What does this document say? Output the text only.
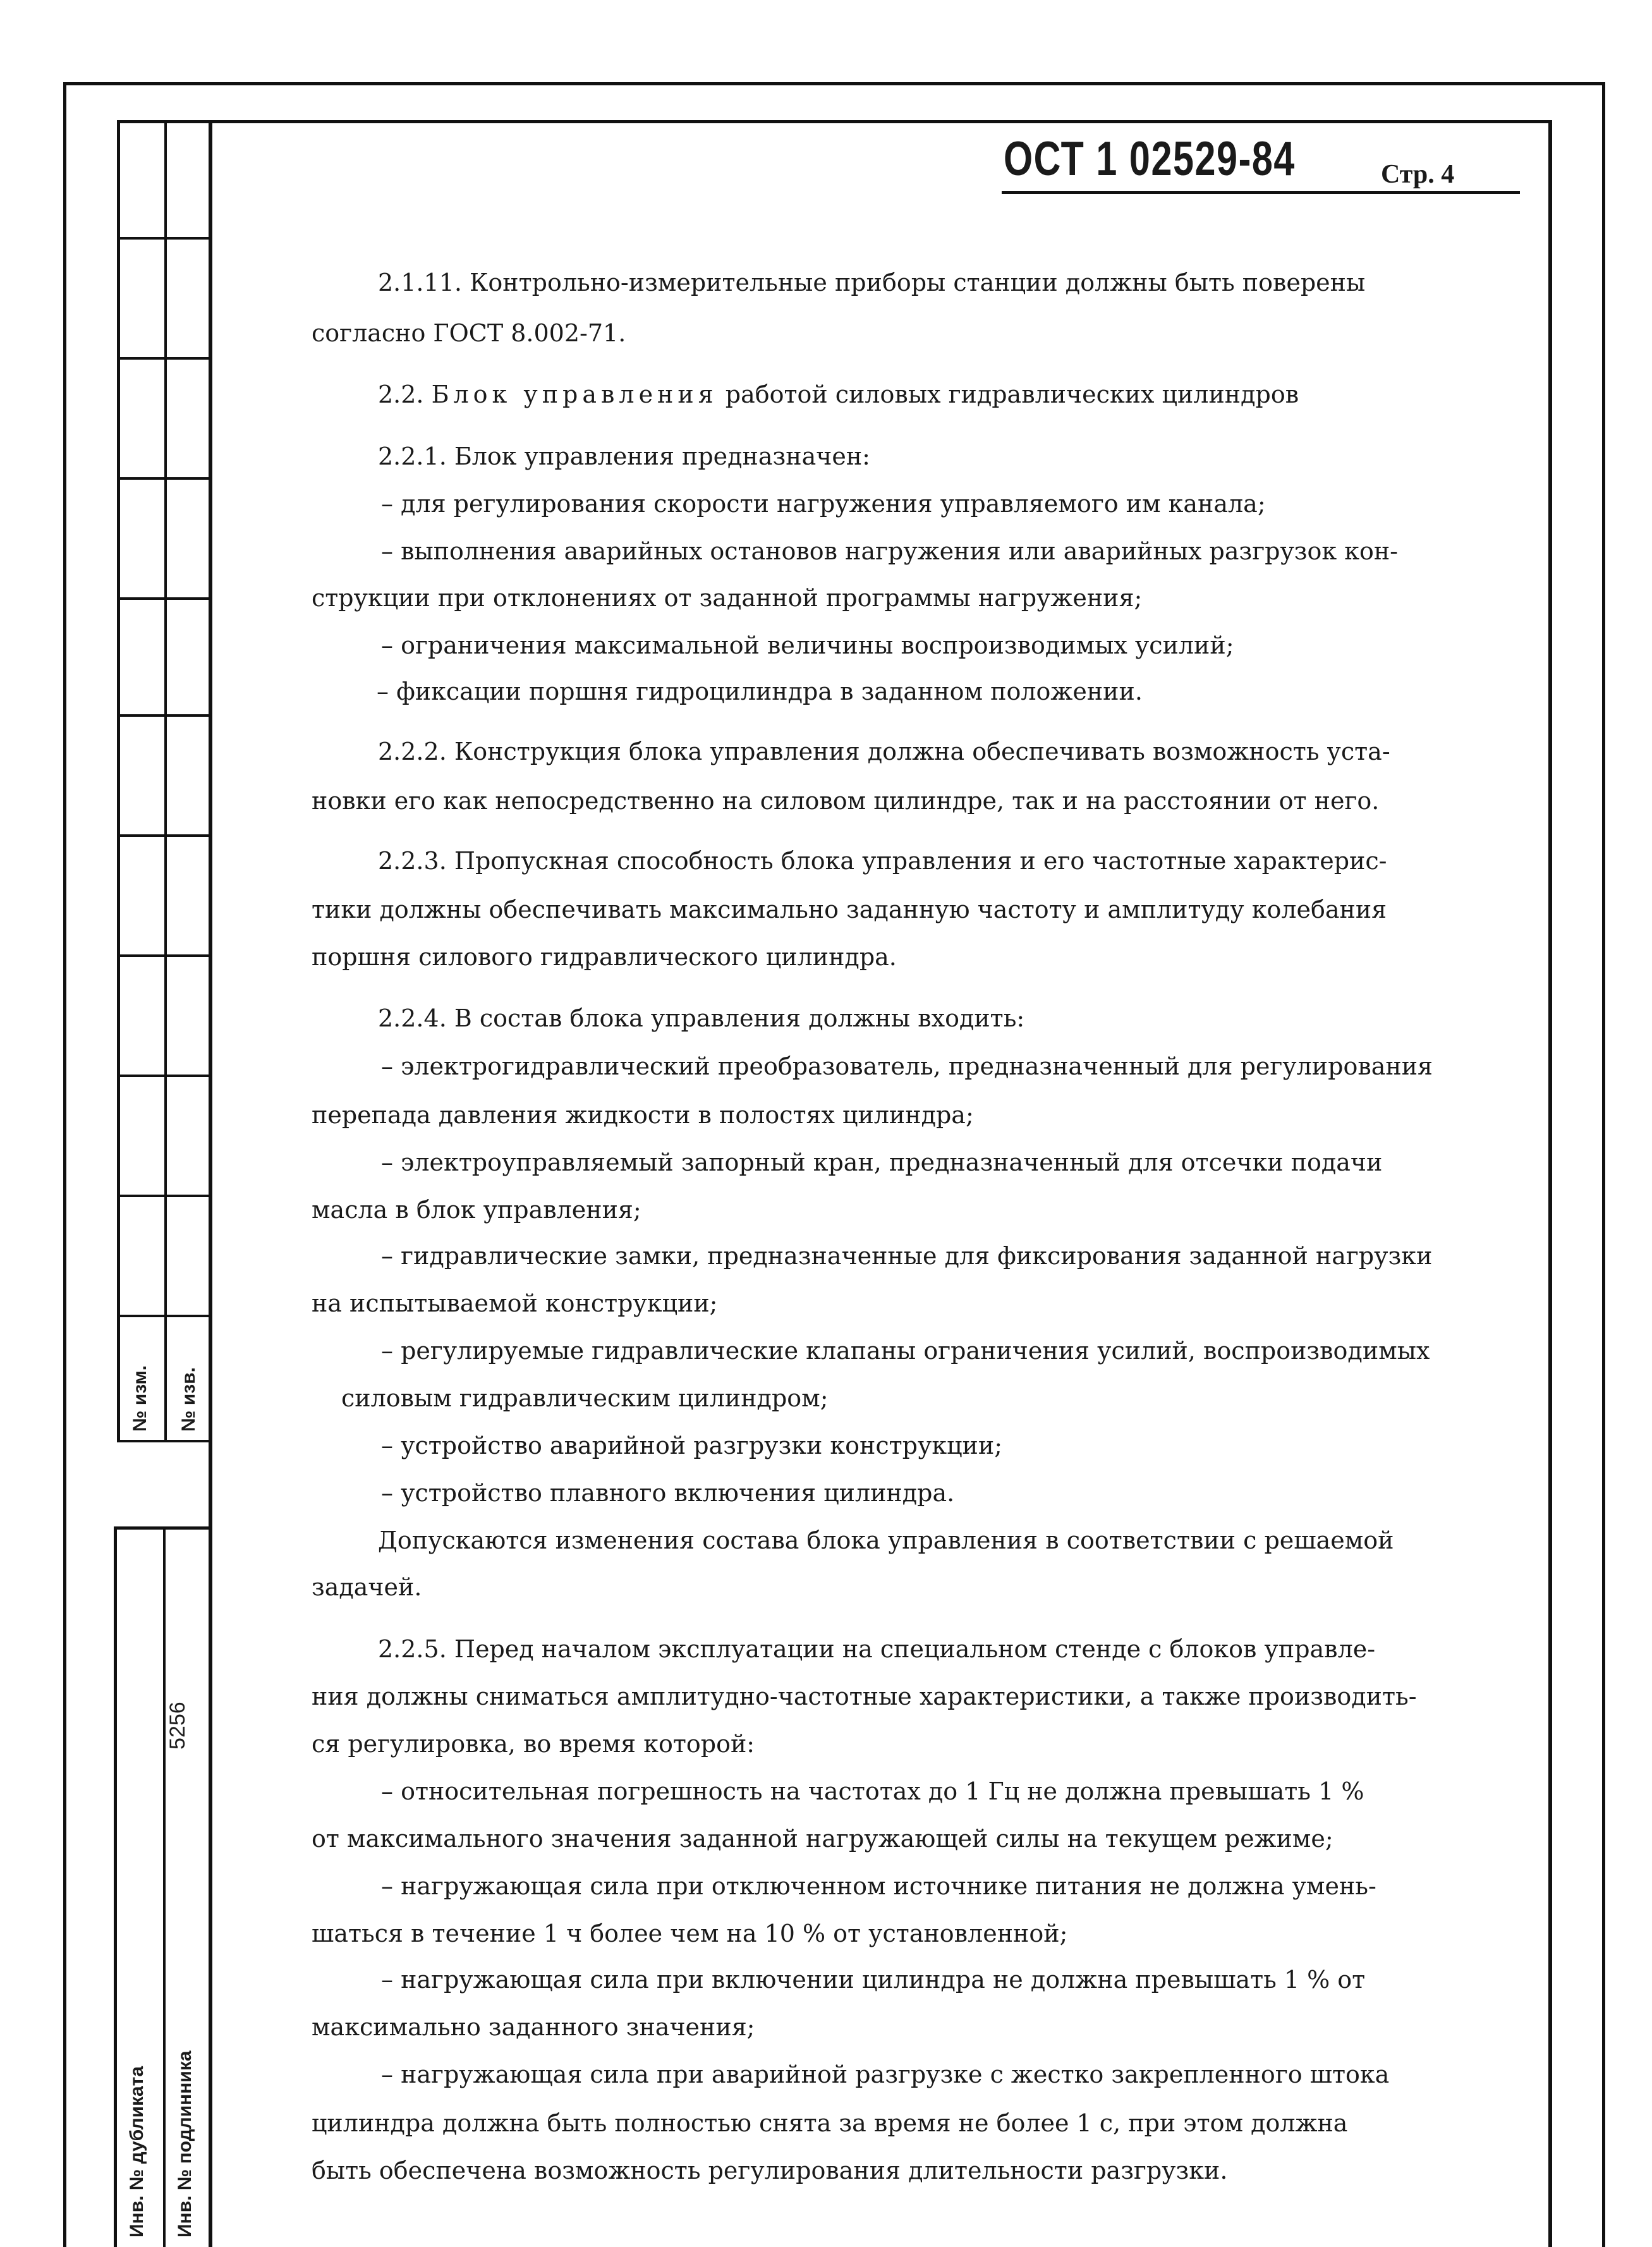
ОСТ 1 02529-84	Стр. 4
№ изм. № изв.
5256
Инв. № дубликата Инв. № подлинника
2.1.11. Контрольно-измерительные приборы станции должны быть поверены
согласно ГОСТ 8.002-71.
2.2. Блок управления работой силовых гидравлических цилиндров
2.2.1. Блок управления предназначен:
– для регулирования скорости нагружения управляемого им канала;
– выполнения аварийных остановов нагружения или аварийных разгрузок кон-
струкции при отклонениях от заданной программы нагружения;
– ограничения максимальной величины воспроизводимых усилий;
– фиксации поршня гидроцилиндра в заданном положении.
2.2.2. Конструкция блока управления должна обеспечивать возможность уста-
новки его как непосредственно на силовом цилиндре, так и на расстоянии от него.
2.2.3. Пропускная способность блока управления и его частотные характерис-
тики должны обеспечивать максимально заданную частоту и амплитуду колебания
поршня силового гидравлического цилиндра.
2.2.4. В состав блока управления должны входить:
– электрогидравлический преобразователь, предназначенный для регулирования
перепада давления жидкости в полостях цилиндра;
– электроуправляемый запорный кран, предназначенный для отсечки подачи
масла в блок управления;
– гидравлические замки, предназначенные для фиксирования заданной нагрузки
на испытываемой конструкции;
– регулируемые гидравлические клапаны ограничения усилий, воспроизводимых
силовым гидравлическим цилиндром;
– устройство аварийной разгрузки конструкции;
– устройство плавного включения цилиндра.
Допускаются изменения состава блока управления в соответствии с решаемой
задачей.
2.2.5. Перед началом эксплуатации на специальном стенде с блоков управле-
ния должны сниматься амплитудно-частотные характеристики, а также производить-
ся регулировка, во время которой:
– относительная погрешность на частотах до 1 Гц не должна превышать 1 %
от максимального значения заданной нагружающей силы на текущем режиме;
– нагружающая сила при отключенном источнике питания не должна умень-
шаться в течение 1 ч более чем на 10 % от установленной;
– нагружающая сила при включении цилиндра не должна превышать 1 % от
максимально заданного значения;
– нагружающая сила при аварийной разгрузке с жестко закрепленного штока
цилиндра должна быть полностью снята за время не более 1 с, при этом должна
быть обеспечена возможность регулирования длительности разгрузки.
